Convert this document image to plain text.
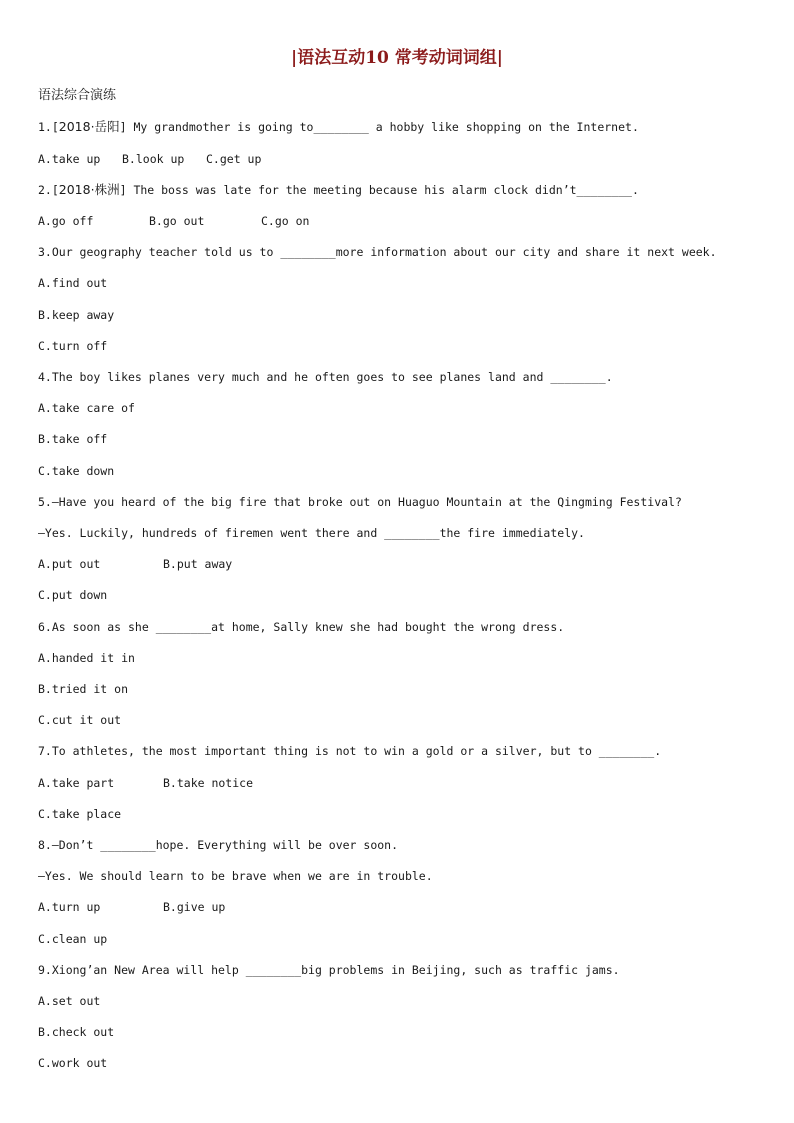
|语法互动10 常考动词词组|
语法综合演练
1.[2018·岳阳] My grandmother is going to________ a hobby like shopping on the Internet.
A.take up B.look up C.get up
2.[2018·株洲] The boss was late for the meeting because his alarm clock didn’t________.
A.go off	B.go out	C.go on
3.Our geography teacher told us to ________more information about our city and share it next week.
A.find out
B.keep away
C.turn off
4.The boy likes planes very much and he often goes to see planes land and ________.
A.take care of
B.take off
C.take down
5.—Have you heard of the big fire that broke out on Huaguo Mountain at the Qingming Festival?
—Yes. Luckily, hundreds of firemen went there and ________the fire immediately.
A.put out	B.put away
C.put down
6.As soon as she ________at home, Sally knew she had bought the wrong dress.
A.handed it in
B.tried it on
C.cut it out
7.To athletes, the most important thing is not to win a gold or a silver, but to ________.
A.take part	B.take notice
C.take place
8.—Don’t ________hope. Everything will be over soon.
—Yes. We should learn to be brave when we are in trouble.
A.turn up	B.give up
C.clean up
9.Xiong’an New Area will help ________big problems in Beijing, such as traffic jams.
A.set out
B.check out
C.work out
